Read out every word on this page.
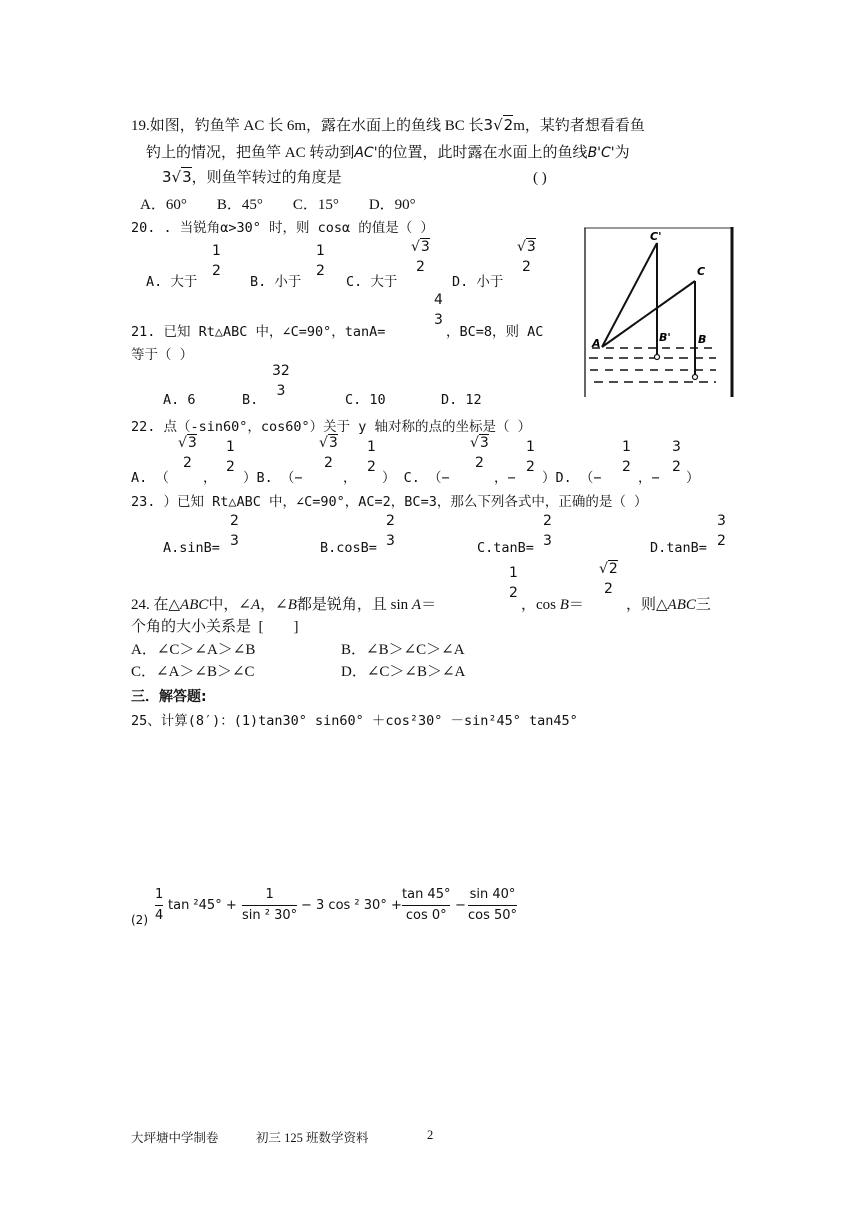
19.如图，钓鱼竿 AC 长 6m，露在水面上的鱼线 BC 长3√2m，某钓者想看看鱼
钓上的情况，把鱼竿 AC 转动到AC'的位置，此时露在水面上的鱼线B'C'为
3√3，则鱼竿转过的角度是	( )
A．60°        B．45°        C．15°        D．90°
20. . 当锐角α>30° 时，则 cosα 的值是（ ）
A. 大于
1
2
B. 小于
1
2
C. 大于
√3
2
D. 小于
√3
2
C'
C
A	B' B
21. 已知 Rt△ABC 中，∠C=90°，tanA=
4
3
，BC=8，则 AC
等于（ ）
A. 6	B.
32
3
C. 10	D. 12
22. 点（-sin60°，cos60°）关于 y 轴对称的点的坐标是（ ）
A. （
√3
2
，
1
2
）B. （−
√3
2
，
1
2
） C. （−
√3
2
，−
1
2
）D. （−
1
2
，−
3
2
）
23. ）已知 Rt△ABC 中，∠C=90°，AC=2，BC=3，那么下列各式中，正确的是（ ）
A.sinB=
2
3	B.cosB=
2
3	C.tanB=
2
3	D.tanB=
3
2
24. 在△ABC中，∠A，∠B都是锐角，且 sin A＝
1
2
，cos B＝
√2
2
，则△ABC三
个角的大小关系是  [        ]
A．∠C＞∠A＞∠B	B．∠B＞∠C＞∠A
C．∠A＞∠B＞∠C	D．∠C＞∠B＞∠A
三．解答题:
25、计算(8′)：(1)tan30° sin60° ＋cos²30° －sin²45° tan45°
(2)
1
4
tan ²45° +
1
sin ² 30°
− 3 cos ² 30° +
tan 45°
cos 0°
−
sin 40°
cos 50°
大坪塘中学制卷	初三 125 班数学资料	2
